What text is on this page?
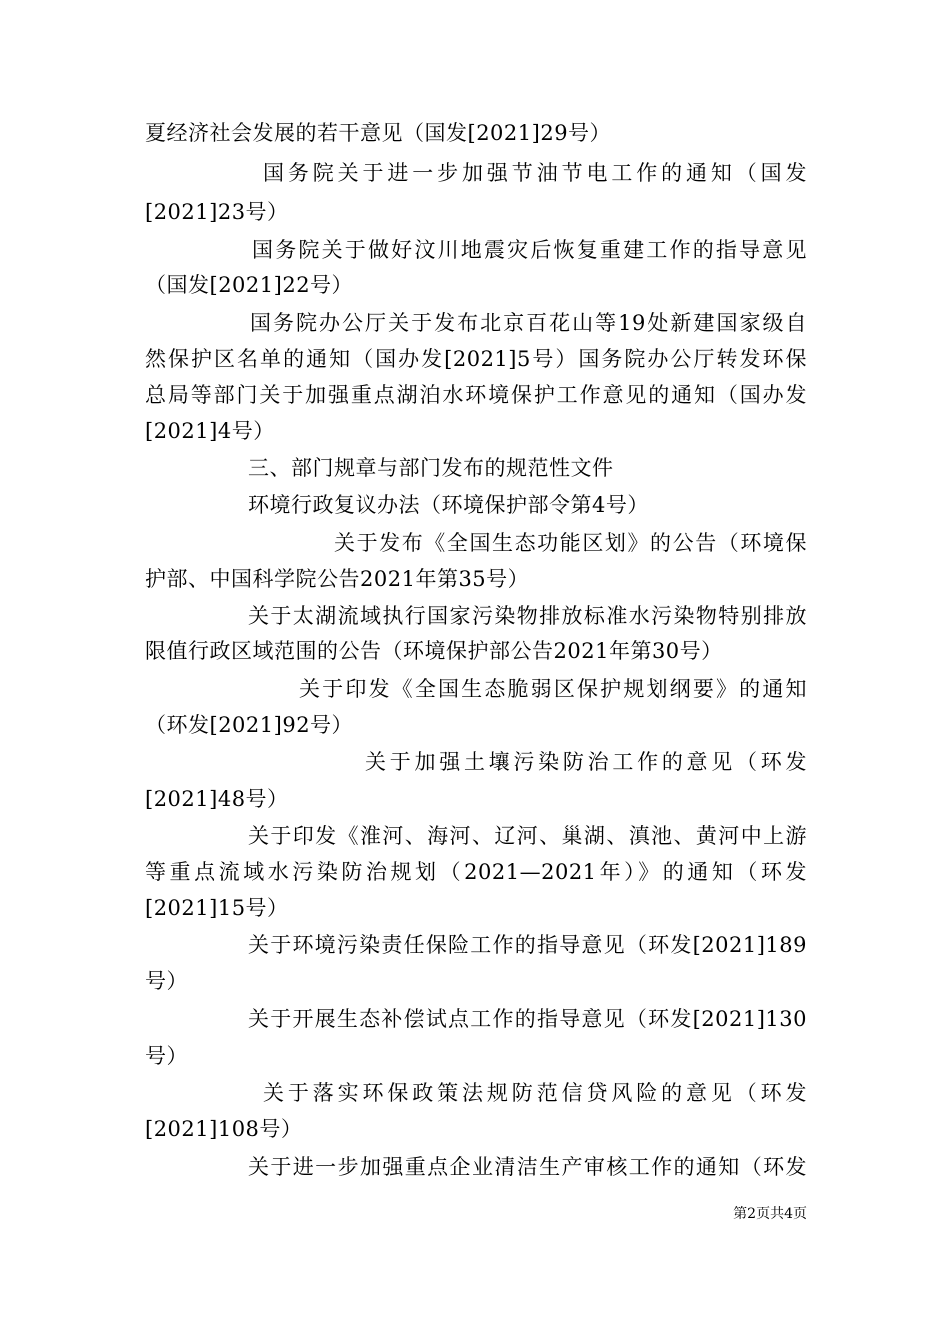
夏经济社会发展的若干意见（国发[2021]29号）
国务院关于进一步加强节油节电工作的通知（国发
[2021]23号）
国务院关于做好汶川地震灾后恢复重建工作的指导意见
（国发[2021]22号）
国务院办公厅关于发布北京百花山等19处新建国家级自
然保护区名单的通知（国办发[2021]5号）国务院办公厅转发环保
总局等部门关于加强重点湖泊水环境保护工作意见的通知（国办发
[2021]4号）
三、部门规章与部门发布的规范性文件
环境行政复议办法（环境保护部令第4号）
关于发布《全国生态功能区划》的公告（环境保
护部、中国科学院公告2021年第35号）
关于太湖流域执行国家污染物排放标准水污染物特别排放
限值行政区域范围的公告（环境保护部公告2021年第30号）
关于印发《全国生态脆弱区保护规划纲要》的通知
（环发[2021]92号）
关于加强土壤污染防治工作的意见（环发
[2021]48号）
关于印发《淮河、海河、辽河、巢湖、滇池、黄河中上游
等重点流域水污染防治规划（2021—2021年）》的通知（环发
[2021]15号）
关于环境污染责任保险工作的指导意见（环发[2021]189
号）
关于开展生态补偿试点工作的指导意见（环发[2021]130
号）
关于落实环保政策法规防范信贷风险的意见（环发
[2021]108号）
关于进一步加强重点企业清洁生产审核工作的通知（环发
第2页共4页
